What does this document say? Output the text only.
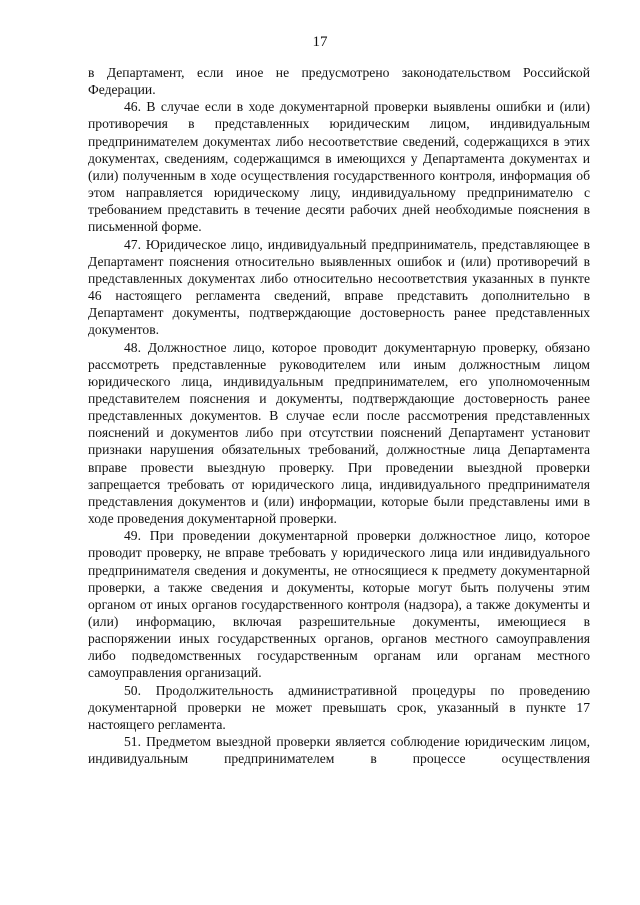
17

в Департамент, если иное не предусмотрено законодательством Российской Федерации.

46. В случае если в ходе документарной проверки выявлены ошибки и (или) противоречия в представленных юридическим лицом, индивидуальным предпринимателем документах либо несоответствие сведений, содержащихся в этих документах, сведениям, содержащимся в имеющихся у Департамента документах и (или) полученным в ходе осуществления государственного контроля, информация об этом направляется юридическому лицу, индивидуальному предпринимателю с требованием представить в течение десяти рабочих дней необходимые пояснения в письменной форме.

47. Юридическое лицо, индивидуальный предприниматель, представляющее в Департамент пояснения относительно выявленных ошибок и (или) противоречий в представленных документах либо относительно несоответствия указанных в пункте 46 настоящего регламента сведений, вправе представить дополнительно в Департамент документы, подтверждающие достоверность ранее представленных документов.

48. Должностное лицо, которое проводит документарную проверку, обязано рассмотреть представленные руководителем или иным должностным лицом юридического лица, индивидуальным предпринимателем, его уполномоченным представителем пояснения и документы, подтверждающие достоверность ранее представленных документов. В случае если после рассмотрения представленных пояснений и документов либо при отсутствии пояснений Департамент установит признаки нарушения обязательных требований, должностные лица Департамента вправе провести выездную проверку. При проведении выездной проверки запрещается требовать от юридического лица, индивидуального предпринимателя представления документов и (или) информации, которые были представлены ими в ходе проведения документарной проверки.

49. При проведении документарной проверки должностное лицо, которое проводит проверку, не вправе требовать у юридического лица или индивидуального предпринимателя сведения и документы, не относящиеся к предмету документарной проверки, а также сведения и документы, которые могут быть получены этим органом от иных органов государственного контроля (надзора), а также документы и (или) информацию, включая разрешительные документы, имеющиеся в распоряжении иных государственных органов, органов местного самоуправления либо подведомственных государственным органам или органам местного самоуправления организаций.

50. Продолжительность административной процедуры по проведению документарной проверки не может превышать срок, указанный в пункте 17 настоящего регламента.

51. Предметом выездной проверки является соблюдение юридическим лицом, индивидуальным предпринимателем в процессе осуществления
